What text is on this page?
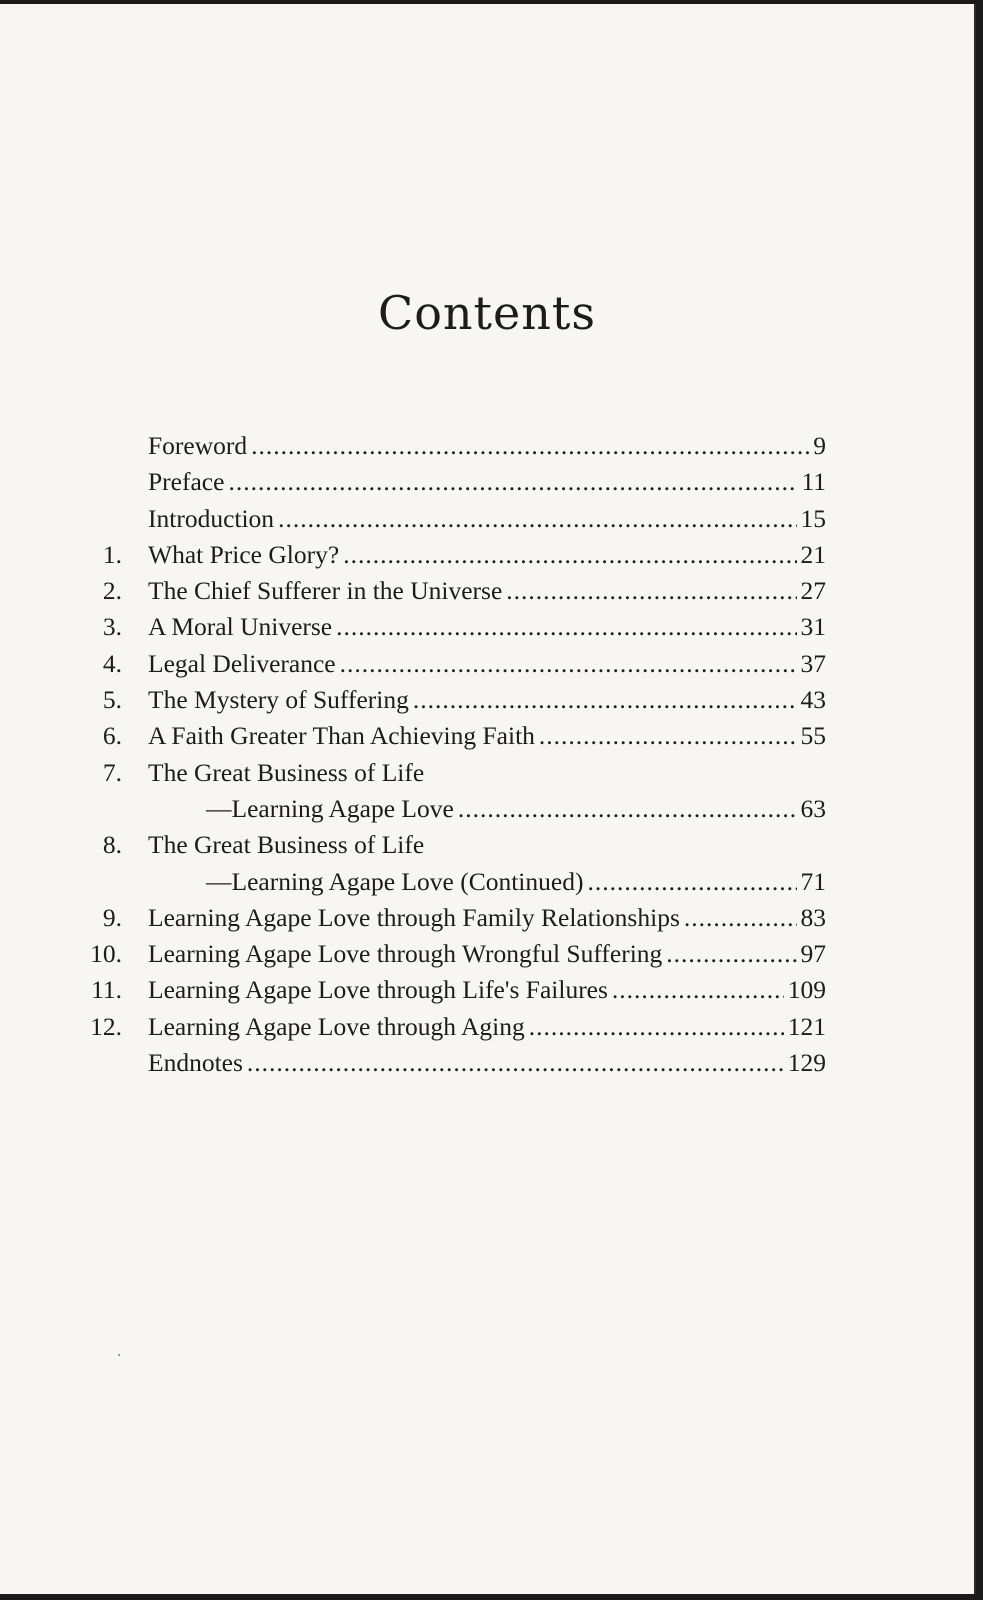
Contents
Foreword .....	9
Preface .....	11
Introduction .....	15
1.	What Price Glory? .....	21
2.	The Chief Sufferer in the Universe .....	27
3.	A Moral Universe .....	31
4.	Legal Deliverance .....	37
5.	The Mystery of Suffering .....	43
6.	A Faith Greater Than Achieving Faith .....	55
7.	The Great Business of Life
—Learning Agape Love .....	63
8.	The Great Business of Life
—Learning Agape Love (Continued) .....	71
9.	Learning Agape Love through Family Relationships .....	83
10.	Learning Agape Love through Wrongful Suffering .....	97
11.	Learning Agape Love through Life's Failures .....	109
12.	Learning Agape Love through Aging .....	121
Endnotes .....	129
